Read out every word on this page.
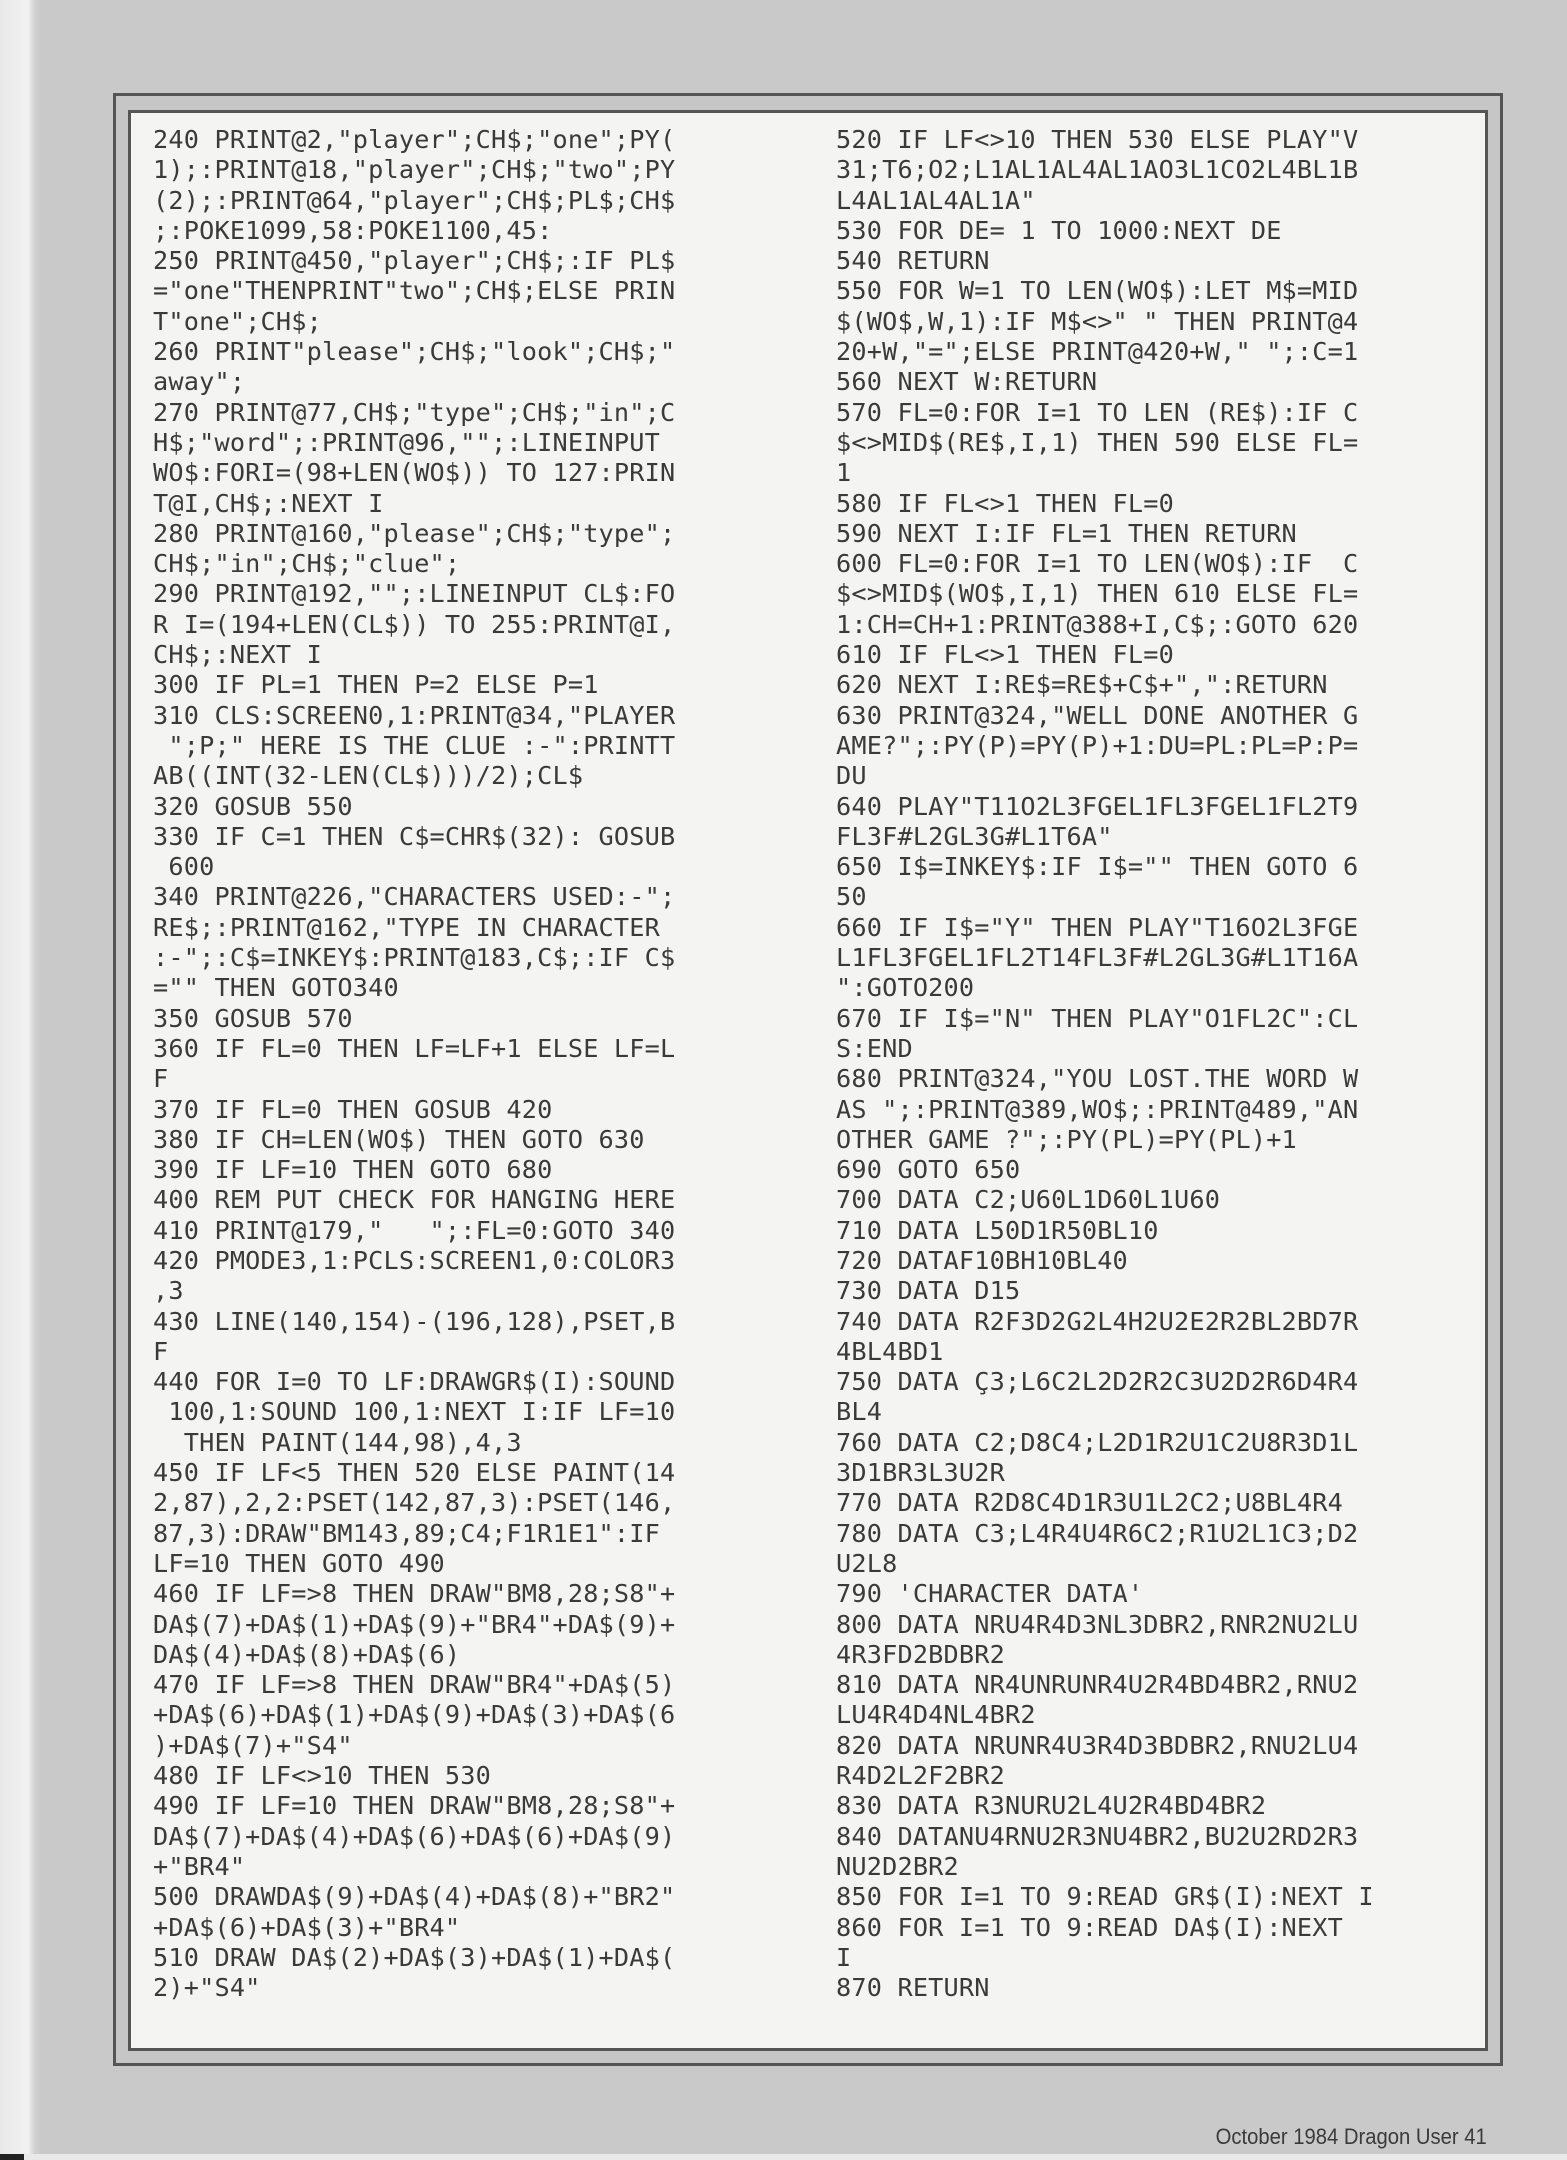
240 PRINT@2,"player";CH$;"one";PY(
1);:PRINT@18,"player";CH$;"two";PY
(2);:PRINT@64,"player";CH$;PL$;CH$
;:POKE1099,58:POKE1100,45:
250 PRINT@450,"player";CH$;:IF PL$
="one"THENPRINT"two";CH$;ELSE PRIN
T"one";CH$;
260 PRINT"please";CH$;"look";CH$;"
away";
270 PRINT@77,CH$;"type";CH$;"in";C
H$;"word";:PRINT@96,"";:LINEINPUT
WO$:FORI=(98+LEN(WO$)) TO 127:PRIN
T@I,CH$;:NEXT I
280 PRINT@160,"please";CH$;"type";
CH$;"in";CH$;"clue";
290 PRINT@192,"";:LINEINPUT CL$:FO
R I=(194+LEN(CL$)) TO 255:PRINT@I,
CH$;:NEXT I
300 IF PL=1 THEN P=2 ELSE P=1
310 CLS:SCREEN0,1:PRINT@34,"PLAYER
";P;" HERE IS THE CLUE :-":PRINTT
AB((INT(32-LEN(CL$)))/2);CL$
320 GOSUB 550
330 IF C=1 THEN C$=CHR$(32): GOSUB
600
340 PRINT@226,"CHARACTERS USED:-";
RE$;:PRINT@162,"TYPE IN CHARACTER
:-";:C$=INKEY$:PRINT@183,C$;:IF C$
="" THEN GOTO340
350 GOSUB 570
360 IF FL=0 THEN LF=LF+1 ELSE LF=L
F
370 IF FL=0 THEN GOSUB 420
380 IF CH=LEN(WO$) THEN GOTO 630
390 IF LF=10 THEN GOTO 680
400 REM PUT CHECK FOR HANGING HERE
410 PRINT@179,"   ";:FL=0:GOTO 340
420 PMODE3,1:PCLS:SCREEN1,0:COLOR3
,3
430 LINE(140,154)-(196,128),PSET,B
F
440 FOR I=0 TO LF:DRAWGR$(I):SOUND
100,1:SOUND 100,1:NEXT I:IF LF=10
THEN PAINT(144,98),4,3
450 IF LF<5 THEN 520 ELSE PAINT(14
2,87),2,2:PSET(142,87,3):PSET(146,
87,3):DRAW"BM143,89;C4;F1R1E1":IF
LF=10 THEN GOTO 490
460 IF LF=>8 THEN DRAW"BM8,28;S8"+
DA$(7)+DA$(1)+DA$(9)+"BR4"+DA$(9)+
DA$(4)+DA$(8)+DA$(6)
470 IF LF=>8 THEN DRAW"BR4"+DA$(5)
+DA$(6)+DA$(1)+DA$(9)+DA$(3)+DA$(6
)+DA$(7)+"S4"
480 IF LF<>10 THEN 530
490 IF LF=10 THEN DRAW"BM8,28;S8"+
DA$(7)+DA$(4)+DA$(6)+DA$(6)+DA$(9)
+"BR4"
500 DRAWDA$(9)+DA$(4)+DA$(8)+"BR2"
+DA$(6)+DA$(3)+"BR4"
510 DRAW DA$(2)+DA$(3)+DA$(1)+DA$(
2)+"S4"
520 IF LF<>10 THEN 530 ELSE PLAY"V
31;T6;O2;L1AL1AL4AL1AO3L1CO2L4BL1B
L4AL1AL4AL1A"
530 FOR DE= 1 TO 1000:NEXT DE
540 RETURN
550 FOR W=1 TO LEN(WO$):LET M$=MID
$(WO$,W,1):IF M$<>" " THEN PRINT@4
20+W,"=";ELSE PRINT@420+W," ";:C=1
560 NEXT W:RETURN
570 FL=0:FOR I=1 TO LEN (RE$):IF C
$<>MID$(RE$,I,1) THEN 590 ELSE FL=
1
580 IF FL<>1 THEN FL=0
590 NEXT I:IF FL=1 THEN RETURN
600 FL=0:FOR I=1 TO LEN(WO$):IF  C
$<>MID$(WO$,I,1) THEN 610 ELSE FL=
1:CH=CH+1:PRINT@388+I,C$;:GOTO 620
610 IF FL<>1 THEN FL=0
620 NEXT I:RE$=RE$+C$+",":RETURN
630 PRINT@324,"WELL DONE ANOTHER G
AME?";:PY(P)=PY(P)+1:DU=PL:PL=P:P=
DU
640 PLAY"T11O2L3FGEL1FL3FGEL1FL2T9
FL3F#L2GL3G#L1T6A"
650 I$=INKEY$:IF I$="" THEN GOTO 6
50
660 IF I$="Y" THEN PLAY"T16O2L3FGE
L1FL3FGEL1FL2T14FL3F#L2GL3G#L1T16A
":GOTO200
670 IF I$="N" THEN PLAY"O1FL2C":CL
S:END
680 PRINT@324,"YOU LOST.THE WORD W
AS ";:PRINT@389,WO$;:PRINT@489,"AN
OTHER GAME ?";:PY(PL)=PY(PL)+1
690 GOTO 650
700 DATA C2;U60L1D60L1U60
710 DATA L50D1R50BL10
720 DATAF10BH10BL40
730 DATA D15
740 DATA R2F3D2G2L4H2U2E2R2BL2BD7R
4BL4BD1
750 DATA Ç3;L6C2L2D2R2C3U2D2R6D4R4
BL4
760 DATA C2;D8C4;L2D1R2U1C2U8R3D1L
3D1BR3L3U2R
770 DATA R2D8C4D1R3U1L2C2;U8BL4R4
780 DATA C3;L4R4U4R6C2;R1U2L1C3;D2
U2L8
790 'CHARACTER DATA'
800 DATA NRU4R4D3NL3DBR2,RNR2NU2LU
4R3FD2BDBR2
810 DATA NR4UNRUNR4U2R4BD4BR2,RNU2
LU4R4D4NL4BR2
820 DATA NRUNR4U3R4D3BDBR2,RNU2LU4
R4D2L2F2BR2
830 DATA R3NURU2L4U2R4BD4BR2
840 DATANU4RNU2R3NU4BR2,BU2U2RD2R3
NU2D2BR2
850 FOR I=1 TO 9:READ GR$(I):NEXT I
860 FOR I=1 TO 9:READ DA$(I):NEXT
I
870 RETURN
October 1984 Dragon User 41
